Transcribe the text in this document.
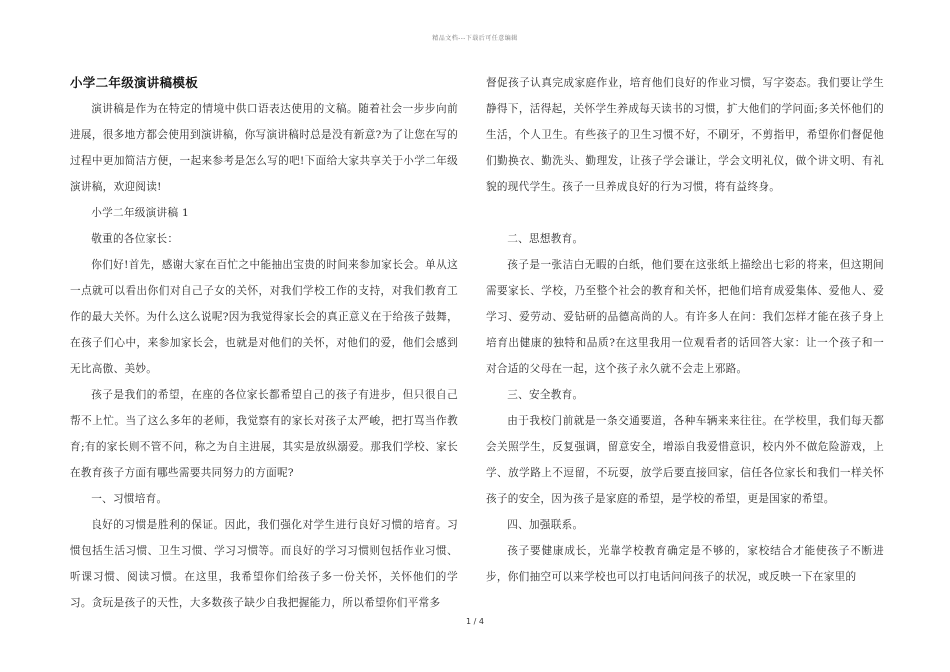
精品文档---下载后可任意编辑

小学二年级演讲稿模板

演讲稿是作为在特定的情境中供口语表达使用的文稿。随着社会一步步向前进展，很多地方都会使用到演讲稿，你写演讲稿时总是没有新意?为了让您在写的过程中更加简洁方便，一起来参考是怎么写的吧!下面给大家共享关于小学二年级演讲稿，欢迎阅读!

小学二年级演讲稿 1

敬重的各位家长：

你们好!首先，感谢大家在百忙之中能抽出宝贵的时间来参加家长会。单从这一点就可以看出你们对自己子女的关怀，对我们学校工作的支持，对我们教育工作的最大关怀。为什么这么说呢?因为我觉得家长会的真正意义在于给孩子鼓舞，在孩子们心中，来参加家长会，也就是对他们的关怀，对他们的爱，他们会感到无比高傲、美妙。

孩子是我们的希望，在座的各位家长都希望自己的孩子有进步，但只很自己帮不上忙。当了这么多年的老师，我觉察有的家长对孩子太严峻，把打骂当作教育;有的家长则不管不问，称之为自主进展，其实是放纵溺爱。那我们学校、家长在教育孩子方面有哪些需要共同努力的方面呢?

一、习惯培育。

良好的习惯是胜利的保证。因此，我们强化对学生进行良好习惯的培育。习惯包括生活习惯、卫生习惯、学习习惯等。而良好的学习习惯则包括作业习惯、听课习惯、阅读习惯。在这里，我希望你们给孩子多一份关怀，关怀他们的学习。贪玩是孩子的天性，大多数孩子缺少自我把握能力，所以希望你们平常多

督促孩子认真完成家庭作业，培育他们良好的作业习惯，写字姿态。我们要让学生静得下，活得起，关怀学生养成每天读书的习惯，扩大他们的学问面;多关怀他们的生活，个人卫生。有些孩子的卫生习惯不好，不刷牙，不剪指甲，希望你们督促他们勤换衣、勤洗头、勤理发，让孩子学会谦让，学会文明礼仪，做个讲文明、有礼貌的现代学生。孩子一旦养成良好的行为习惯，将有益终身。

二、思想教育。

孩子是一张洁白无暇的白纸，他们要在这张纸上描绘出七彩的将来，但这期间需要家长、学校，乃至整个社会的教育和关怀，把他们培育成爱集体、爱他人、爱学习、爱劳动、爱钻研的品德高尚的人。有许多人在问：我们怎样才能在孩子身上培育出健康的独特和品质?在这里我用一位观看者的话回答大家：让一个孩子和一对合适的父母在一起，这个孩子永久就不会走上邪路。

三、安全教育。

由于我校门前就是一条交通要道，各种车辆来来往往。在学校里，我们每天都会关照学生，反复强调，留意安全，增添自我爱惜意识，校内外不做危险游戏，上学、放学路上不逗留，不玩耍，放学后要直接回家，信任各位家长和我们一样关怀孩子的安全，因为孩子是家庭的希望，是学校的希望，更是国家的希望。

四、加强联系。

孩子要健康成长，光靠学校教育确定是不够的，家校结合才能使孩子不断进步，你们抽空可以来学校也可以打电话问问孩子的状况，或反映一下在家里的

1 / 4
